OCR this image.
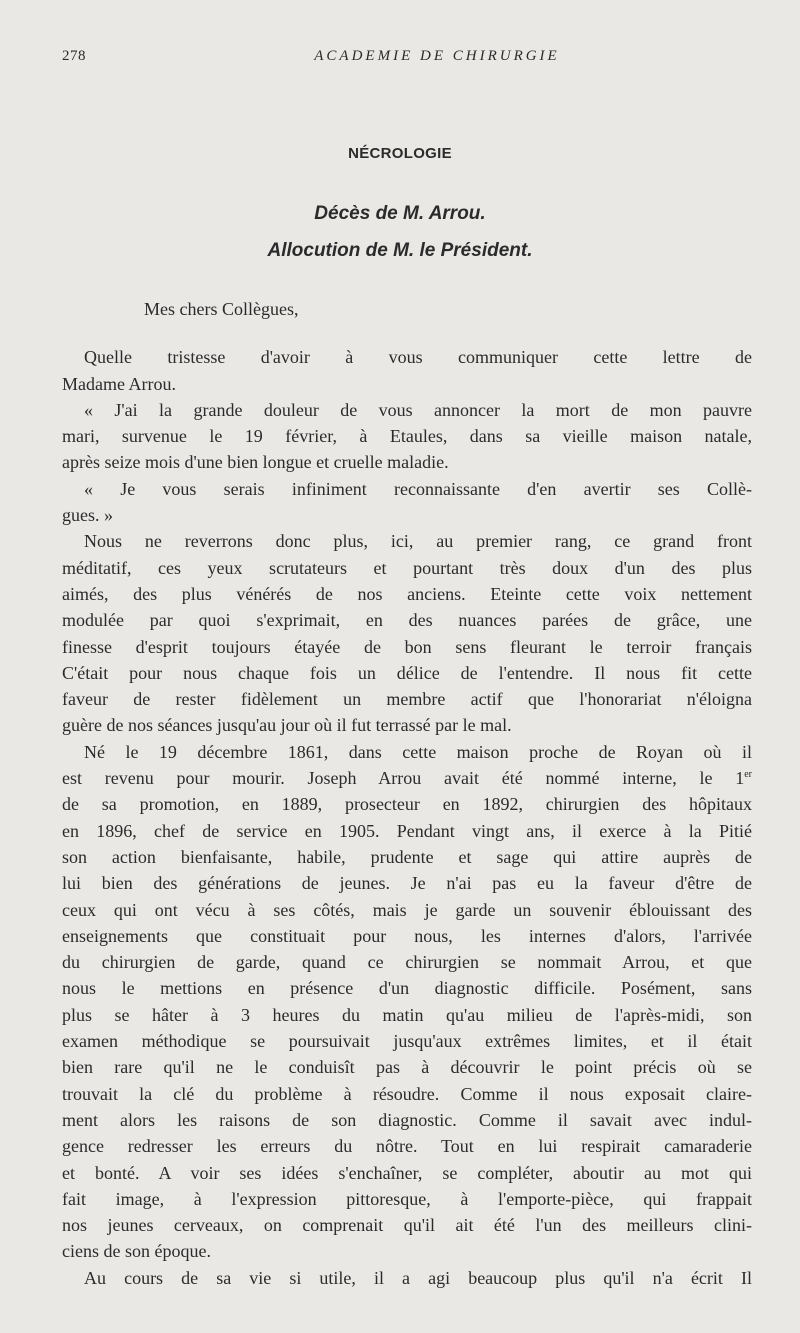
278	ACADEMIE DE CHIRURGIE
NÉCROLOGIE
Décès de M. Arrou.
Allocution de M. le Président.
Mes chers Collègues,
Quelle tristesse d'avoir à vous communiquer cette lettre de
Madame Arrou.
« J'ai la grande douleur de vous annoncer la mort de mon pauvre
mari, survenue le 19 février, à Etaules, dans sa vieille maison natale,
après seize mois d'une bien longue et cruelle maladie.
« Je vous serais infiniment reconnaissante d'en avertir ses Collè-
gues. »
Nous ne reverrons donc plus, ici, au premier rang, ce grand front
méditatif, ces yeux scrutateurs et pourtant très doux d'un des plus
aimés, des plus vénérés de nos anciens. Eteinte cette voix nettement
modulée par quoi s'exprimait, en des nuances parées de grâce, une
finesse d'esprit toujours étayée de bon sens fleurant le terroir français
C'était pour nous chaque fois un délice de l'entendre. Il nous fit cette
faveur de rester fidèlement un membre actif que l'honorariat n'éloigna
guère de nos séances jusqu'au jour où il fut terrassé par le mal.
Né le 19 décembre 1861, dans cette maison proche de Royan où il
est revenu pour mourir. Joseph Arrou avait été nommé interne, le 1er
de sa promotion, en 1889, prosecteur en 1892, chirurgien des hôpitaux
en 1896, chef de service en 1905. Pendant vingt ans, il exerce à la Pitié
son action bienfaisante, habile, prudente et sage qui attire auprès de
lui bien des générations de jeunes. Je n'ai pas eu la faveur d'être de
ceux qui ont vécu à ses côtés, mais je garde un souvenir éblouissant des
enseignements que constituait pour nous, les internes d'alors, l'arrivée
du chirurgien de garde, quand ce chirurgien se nommait Arrou, et que
nous le mettions en présence d'un diagnostic difficile. Posément, sans
plus se hâter à 3 heures du matin qu'au milieu de l'après-midi, son
examen méthodique se poursuivait jusqu'aux extrêmes limites, et il était
bien rare qu'il ne le conduisît pas à découvrir le point précis où se
trouvait la clé du problème à résoudre. Comme il nous exposait claire-
ment alors les raisons de son diagnostic. Comme il savait avec indul-
gence redresser les erreurs du nôtre. Tout en lui respirait camaraderie
et bonté. A voir ses idées s'enchaîner, se compléter, aboutir au mot qui
fait image, à l'expression pittoresque, à l'emporte-pièce, qui frappait
nos jeunes cerveaux, on comprenait qu'il ait été l'un des meilleurs clini-
ciens de son époque.
Au cours de sa vie si utile, il a agi beaucoup plus qu'il n'a écrit Il
